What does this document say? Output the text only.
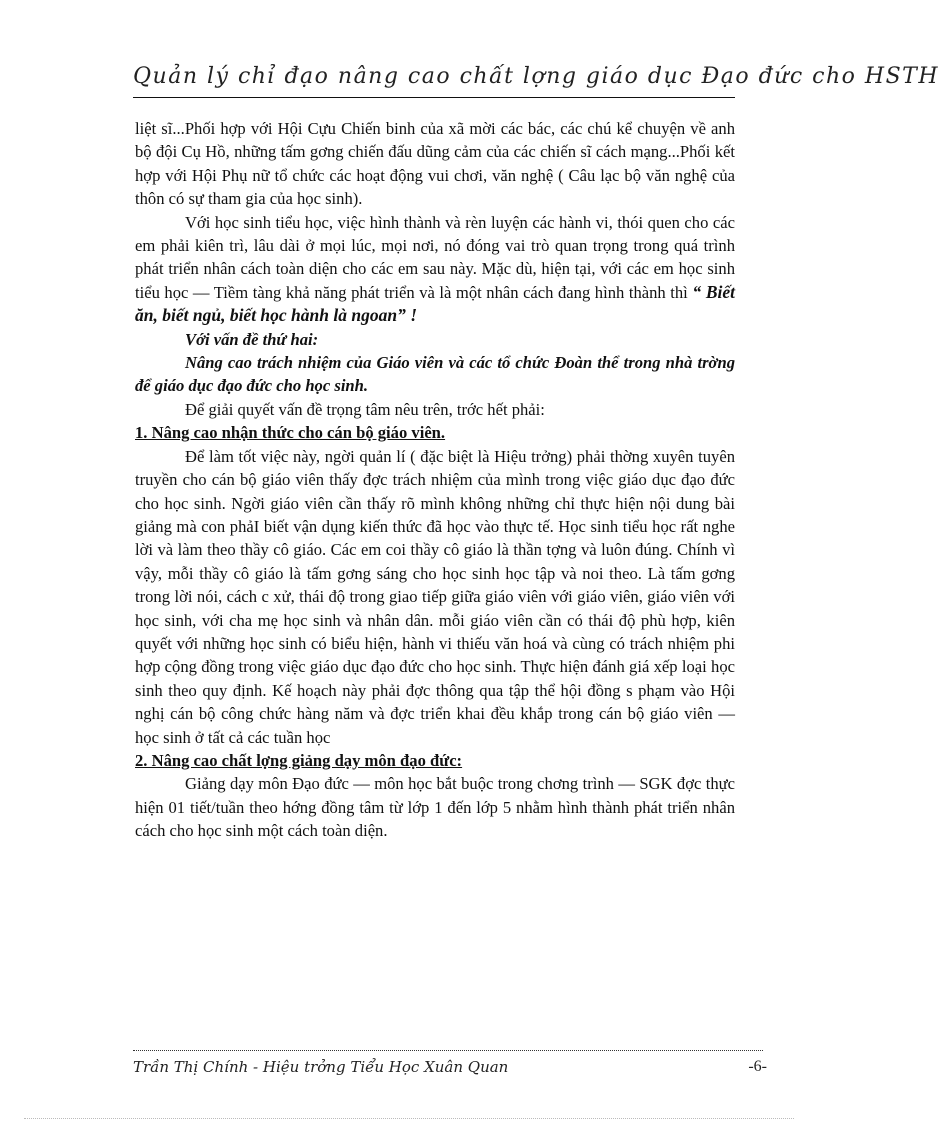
Quản lý chỉ đạo nâng cao chất lợng giáo dục Đạo đức cho HSTH

liệt sĩ...Phối hợp với Hội Cựu Chiến binh của xã mời các bác, các chú kể chuyện về anh bộ đội Cụ Hồ, những tấm gơng chiến đấu dũng cảm của các chiến sĩ cách mạng...Phối kết hợp với Hội Phụ nữ tổ chức các hoạt động vui chơi, văn nghệ ( Câu lạc bộ văn nghệ của thôn có sự tham gia của học sinh).

Với học sinh tiểu học, việc hình thành và rèn luyện các hành vi, thói quen cho các em phải kiên trì, lâu dài ở mọi lúc, mọi nơi, nó đóng vai trò quan trọng trong quá trình phát triển nhân cách toàn diện cho các em sau này. Mặc dù, hiện tại, với các em học sinh tiểu học — Tiềm tàng khả năng phát triển và là một nhân cách đang hình thành thì “ Biết ăn, biết ngủ, biết học hành là ngoan” !

Với vấn đề thứ hai:

Nâng cao trách nhiệm của Giáo viên và các tổ chức Đoàn thể trong nhà trờng để giáo dục đạo đức cho học sinh.

Để giải quyết vấn đề trọng tâm nêu trên, trớc hết phải:

1. Nâng cao nhận thức cho cán bộ giáo viên.

Để làm tốt việc này, ngời quản lí ( đặc biệt là Hiệu trởng) phải thờng xuyên tuyên truyền cho cán bộ giáo viên thấy đợc trách nhiệm của mình trong việc giáo dục đạo đức cho học sinh. Ngời giáo viên cần thấy rõ mình không những chỉ thực hiện nội dung bài giảng mà con phảI biết vận dụng kiến thức đã học vào thực tế. Học sinh tiểu học rất nghe lời và làm theo thầy cô giáo. Các em coi thầy cô giáo là thần tợng và luôn đúng. Chính vì vậy, mỗi thầy cô giáo là tấm gơng sáng cho học sinh học tập và noi theo. Là tấm gơng trong lời nói, cách c xử, thái độ trong giao tiếp giữa giáo viên với giáo viên, giáo viên với học sinh, với cha mẹ học sinh và nhân dân. mỗi giáo viên cần có thái độ phù hợp, kiên quyết với những học sinh có biểu hiện, hành vi thiếu văn hoá và cùng có trách nhiệm phi hợp cộng đồng trong việc giáo dục đạo đức cho học sinh. Thực hiện đánh giá xếp loại học sinh theo quy định. Kế hoạch này phải đợc thông qua tập thể hội đồng s phạm vào Hội nghị cán bộ công chức hàng năm và đợc triển khai đều khắp trong cán bộ giáo viên — học sinh ở tất cả các tuần học

2. Nâng cao chất lợng giảng dạy môn đạo đức:

Giảng dạy môn Đạo đức — môn học bắt buộc trong chơng trình — SGK đợc thực hiện 01 tiết/tuần theo hớng đồng tâm từ lớp 1 đến lớp 5 nhằm hình thành phát triển nhân cách cho học sinh một cách toàn diện.

Trần Thị Chính - Hiệu trởng Tiểu Học Xuân Quan	-6-
